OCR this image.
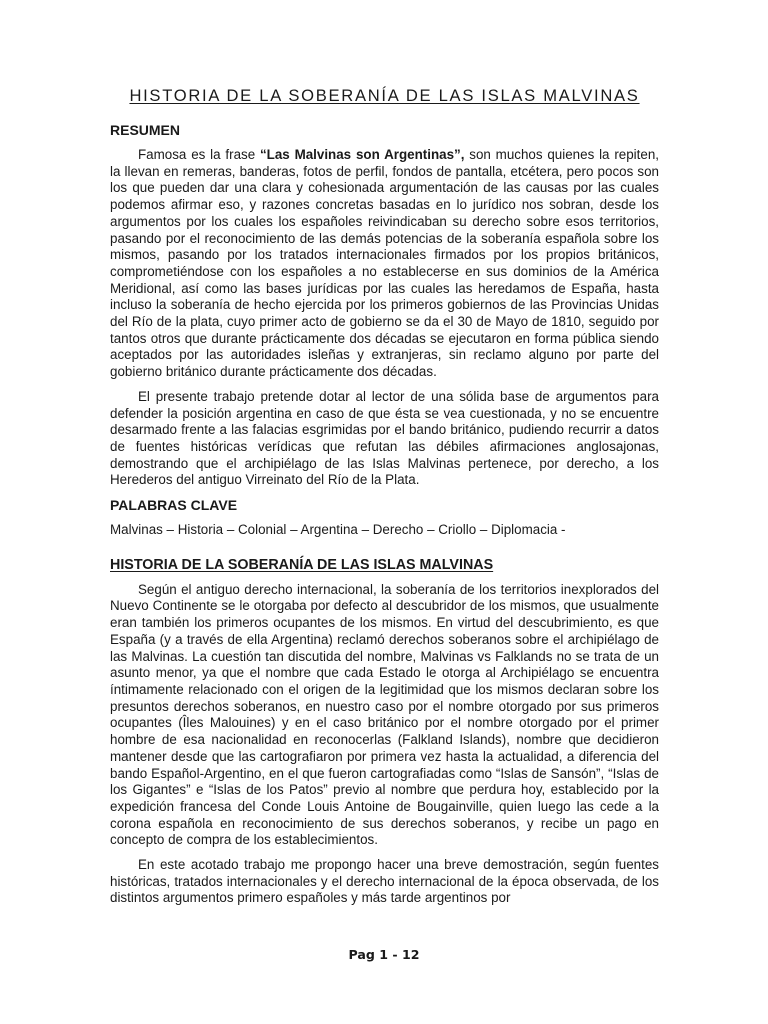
HISTORIA DE LA SOBERANÍA DE LAS ISLAS MALVINAS
RESUMEN

Famosa es la frase “Las Malvinas son Argentinas”, son muchos quienes la repiten, la llevan en remeras, banderas, fotos de perfil, fondos de pantalla, etcétera, pero pocos son los que pueden dar una clara y cohesionada argumentación de las causas por las cuales podemos afirmar eso, y razones concretas basadas en lo jurídico nos sobran, desde los argumentos por los cuales los españoles reivindicaban su derecho sobre esos territorios, pasando por el reconocimiento de las demás potencias de la soberanía española sobre los mismos, pasando por los tratados internacionales firmados por los propios británicos, comprometiéndose con los españoles a no establecerse en sus dominios de la América Meridional, así como las bases jurídicas por las cuales las heredamos de España, hasta incluso la soberanía de hecho ejercida por los primeros gobiernos de las Provincias Unidas del Río de la plata, cuyo primer acto de gobierno se da el 30 de Mayo de 1810, seguido por tantos otros que durante prácticamente dos décadas se ejecutaron en forma pública siendo aceptados por las autoridades isleñas y extranjeras, sin reclamo alguno por parte del gobierno británico durante prácticamente dos décadas.

El presente trabajo pretende dotar al lector de una sólida base de argumentos para defender la posición argentina en caso de que ésta se vea cuestionada, y no se encuentre desarmado frente a las falacias esgrimidas por el bando británico, pudiendo recurrir a datos de fuentes históricas verídicas que refutan las débiles afirmaciones anglosajonas, demostrando que el archipiélago de las Islas Malvinas pertenece, por derecho, a los Herederos del antiguo Virreinato del Río de la Plata.

PALABRAS CLAVE

Malvinas – Historia – Colonial – Argentina – Derecho – Criollo – Diplomacia -

HISTORIA DE LA SOBERANÍA DE LAS ISLAS MALVINAS

Según el antiguo derecho internacional, la soberanía de los territorios inexplorados del Nuevo Continente se le otorgaba por defecto al descubridor de los mismos, que usualmente eran también los primeros ocupantes de los mismos. En virtud del descubrimiento, es que España (y a través de ella Argentina) reclamó derechos soberanos sobre el archipiélago de las Malvinas. La cuestión tan discutida del nombre, Malvinas vs Falklands no se trata de un asunto menor, ya que el nombre que cada Estado le otorga al Archipiélago se encuentra íntimamente relacionado con el origen de la legitimidad que los mismos declaran sobre los presuntos derechos soberanos, en nuestro caso por el nombre otorgado por sus primeros ocupantes (Îles Malouines) y en el caso británico por el nombre otorgado por el primer hombre de esa nacionalidad en reconocerlas (Falkland Islands), nombre que decidieron mantener desde que las cartografiaron por primera vez hasta la actualidad, a diferencia del bando Español-Argentino, en el que fueron cartografiadas como “Islas de Sansón”, “Islas de los Gigantes” e “Islas de los Patos” previo al nombre que perdura hoy, establecido por la expedición francesa del Conde Louis Antoine de Bougainville, quien luego las cede a la corona española en reconocimiento de sus derechos soberanos, y recibe un pago en concepto de compra de los establecimientos.

En este acotado trabajo me propongo hacer una breve demostración, según fuentes históricas, tratados internacionales y el derecho internacional de la época observada, de los distintos argumentos primero españoles y más tarde argentinos por

Pag 1 - 12
